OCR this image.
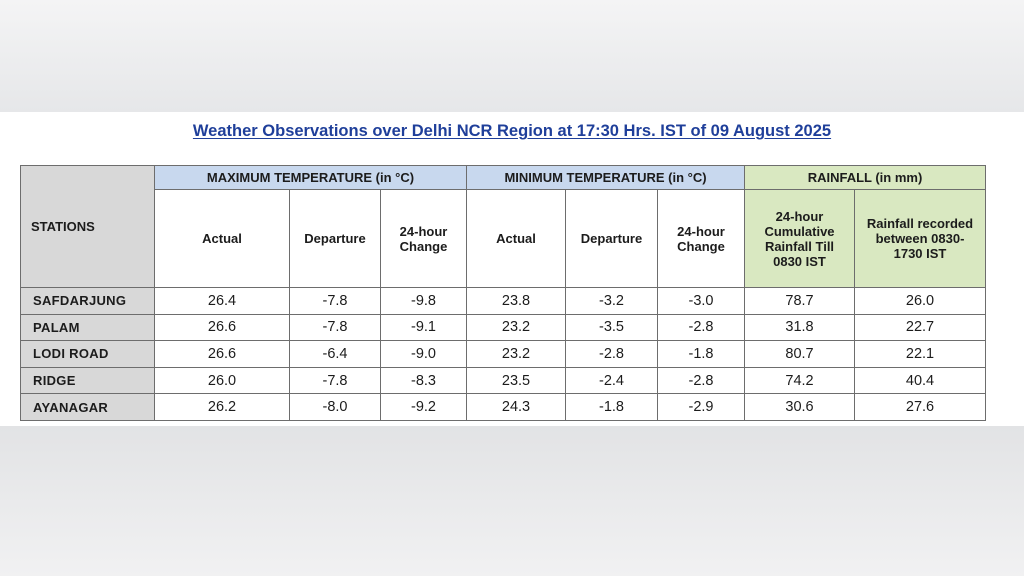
Weather Observations over Delhi NCR Region at 17:30 Hrs. IST of 09 August 2025
STATIONS	MAXIMUM TEMPERATURE (in °C)			MINIMUM TEMPERATURE (in °C)			RAINFALL (in mm)	
	Actual	Departure	24-hour Change	Actual	Departure	24-hour Change	24-hour Cumulative Rainfall Till 0830 IST	Rainfall recorded between 0830-1730 IST
SAFDARJUNG	26.4	-7.8	-9.8	23.8	-3.2	-3.0	78.7	26.0
PALAM	26.6	-7.8	-9.1	23.2	-3.5	-2.8	31.8	22.7
LODI ROAD	26.6	-6.4	-9.0	23.2	-2.8	-1.8	80.7	22.1
RIDGE	26.0	-7.8	-8.3	23.5	-2.4	-2.8	74.2	40.4
AYANAGAR	26.2	-8.0	-9.2	24.3	-1.8	-2.9	30.6	27.6
